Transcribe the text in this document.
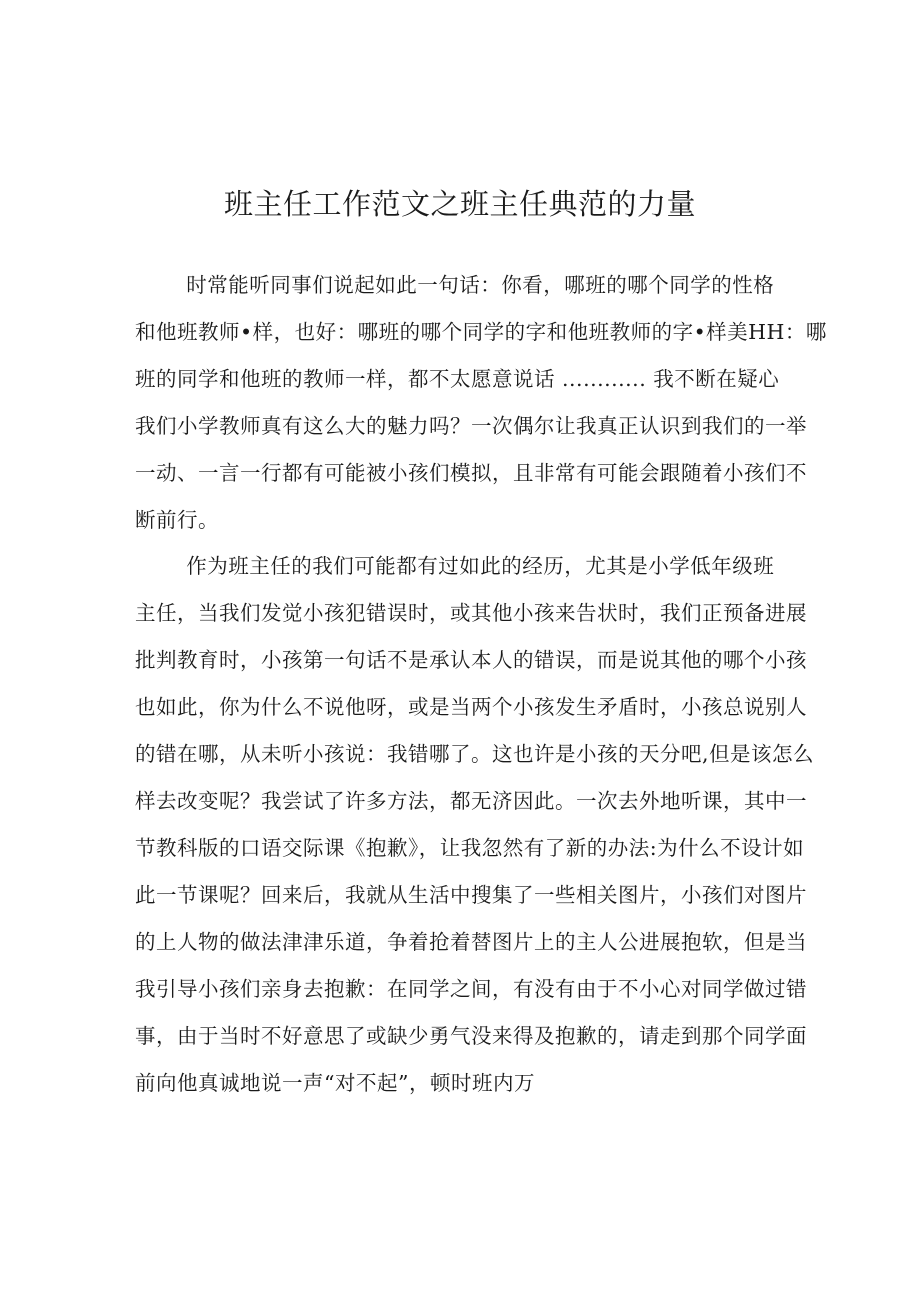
班主任工作范文之班主任典范的力量

时常能听同事们说起如此一句话：你看，哪班的哪个同学的性格
和他班教师•样，也好：哪班的哪个同学的字和他班教师的字•样美HH：哪
班的同学和他班的教师一样，都不太愿意说话 ............ 我不断在疑心
我们小学教师真有这么大的魅力吗？一次偶尔让我真正认识到我们的一举
一动、一言一行都有可能被小孩们模拟，且非常有可能会跟随着小孩们不
断前行。

作为班主任的我们可能都有过如此的经历，尤其是小学低年级班
主任，当我们发觉小孩犯错误时，或其他小孩来告状时，我们正预备进展
批判教育时，小孩第一句话不是承认本人的错误，而是说其他的哪个小孩
也如此，你为什么不说他呀，或是当两个小孩发生矛盾时，小孩总说别人
的错在哪，从未听小孩说：我错哪了。这也许是小孩的天分吧,但是该怎么
样去改变呢？我尝试了许多方法，都无济因此。一次去外地听课，其中一
节教科版的口语交际课《抱歉》，让我忽然有了新的办法:为什么不设计如
此一节课呢？回来后，我就从生活中搜集了一些相关图片，小孩们对图片
的上人物的做法津津乐道，争着抢着替图片上的主人公进展抱软，但是当
我引导小孩们亲身去抱歉：在同学之间，有没有由于不小心对同学做过错
事，由于当时不好意思了或缺少勇气没来得及抱歉的，请走到那个同学面
前向他真诚地说一声“对不起”，顿时班内万
